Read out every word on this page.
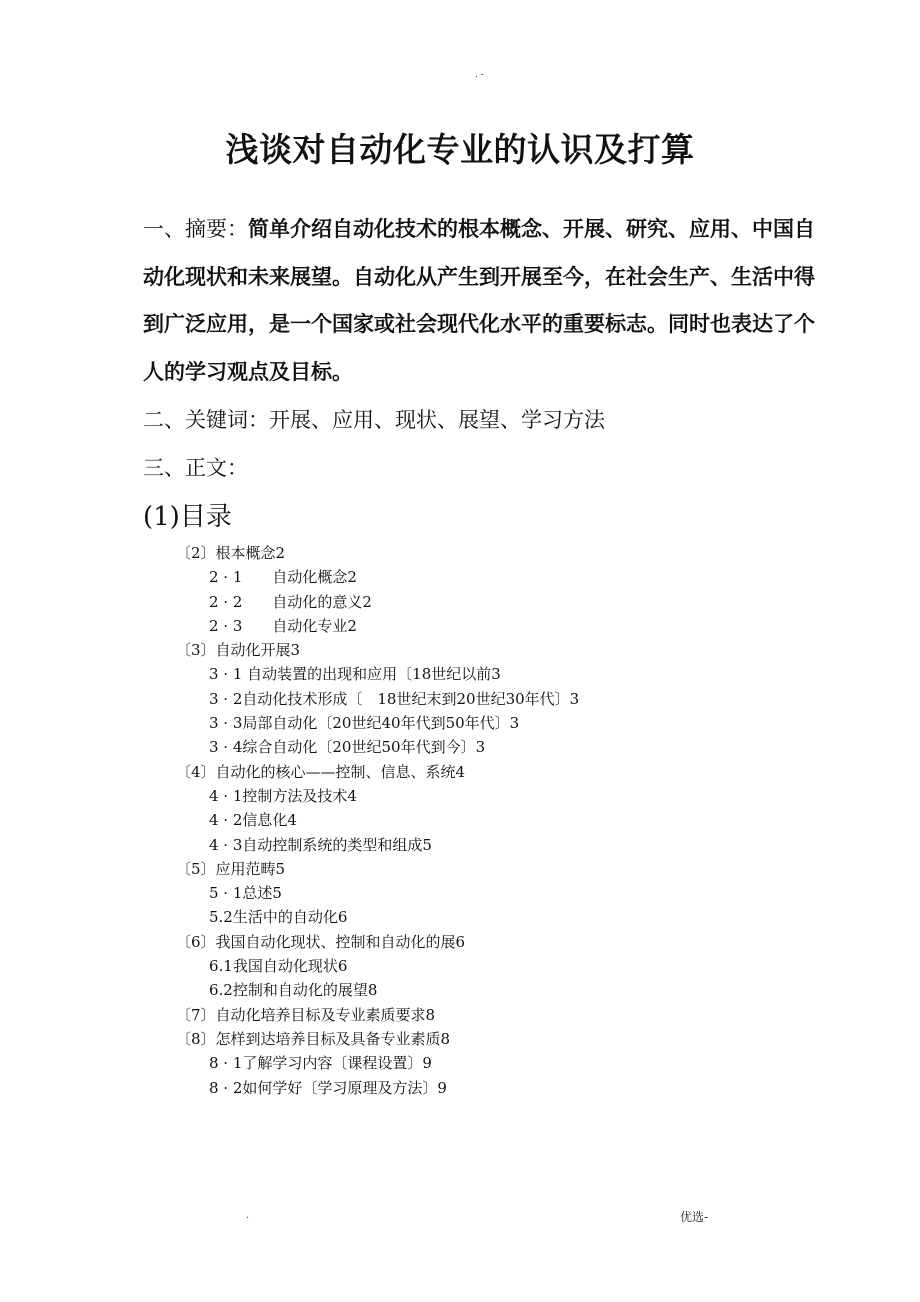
. -
浅谈对自动化专业的认识及打算

一、摘要：简单介绍自动化技术的根本概念、开展、研究、应用、中国自动化现状和未来展望。自动化从产生到开展至今，在社会生产、生活中得到广泛应用，是一个国家或社会现代化水平的重要标志。同时也表达了个人的学习观点及目标。

二、关键词：开展、应用、现状、展望、学习方法

三、正文：

(1)目录

〔2〕根本概念2
2 · 1　　自动化概念2
2 · 2　　自动化的意义2
2 · 3　　自动化专业2
〔3〕自动化开展3
3 · 1 自动装置的出现和应用〔18世纪以前3
3 · 2自动化技术形成〔　18世纪末到20世纪30年代〕3
3 · 3局部自动化〔20世纪40年代到50年代〕3
3 · 4综合自动化〔20世纪50年代到今〕3
〔4〕自动化的核心——控制、信息、系统4
4 · 1控制方法及技术4
4 · 2信息化4
4 · 3自动控制系统的类型和组成5
〔5〕应用范畴5
5 · 1总述5
5.2生活中的自动化6
〔6〕我国自动化现状、控制和自动化的展6
6.1我国自动化现状6
6.2控制和自动化的展望8
〔7〕自动化培养目标及专业素质要求8
〔8〕怎样到达培养目标及具备专业素质8
8 · 1了解学习内容〔课程设置〕9
8 · 2如何学好〔学习原理及方法〕9
.	优选-
